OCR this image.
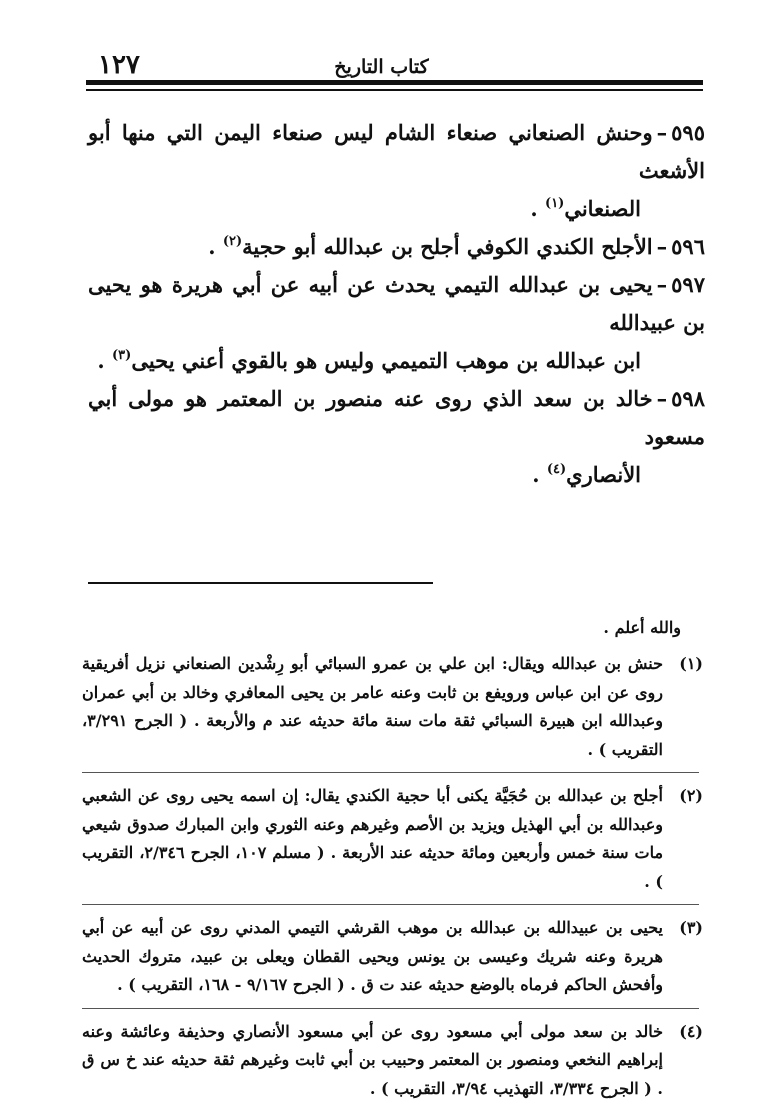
١٢٧	كتاب التاريخ
٥٩٥–وحنش الصنعاني صنعاء الشام ليس صنعاء اليمن التي منها أبو الأشعث
الصنعاني$^{(١)}$ .
٥٩٦–الأجلح الكندي الكوفي أجلح بن عبدالله أبو حجية$^{(٢)}$ .
٥٩٧–يحيى بن عبدالله التيمي يحدث عن أبيه عن أبي هريرة هو يحيى بن عبيدالله
ابن عبدالله بن موهب التميمي وليس هو بالقوي أعني يحيى$^{(٣)}$ .
٥٩٨–خالد بن سعد الذي روى عنه منصور بن المعتمر هو مولى أبي مسعود
الأنصاري$^{(٤)}$ .
والله أعلم .
(١)
حنش بن عبدالله ويقال: ابن علي بن عمرو السبائي أبو رِشْدين الصنعاني نزيل أفريقية روى عن ابن عباس ورويفع بن ثابت وعنه عامر بن يحيى المعافري وخالد بن أبي عمران وعبدالله ابن هبيرة السبائي ثقة مات سنة مائة حديثه عند م والأربعة . ( الجرح ٣/٢٩١، التقريب ) .
(٢)
أجلح بن عبدالله بن حُجَيَّة يكنى أبا حجية الكندي يقال: إن اسمه يحيى روى عن الشعبي وعبدالله بن أبي الهذيل ويزيد بن الأصم وغيرهم وعنه الثوري وابن المبارك صدوق شيعي مات سنة خمس وأربعين ومائة حديثه عند الأربعة . ( مسلم ١٠٧، الجرح ٢/٣٤٦، التقريب ) .
(٣)
يحيى بن عبيدالله بن عبدالله بن موهب القرشي التيمي المدني روى عن أبيه عن أبي هريرة وعنه شريك وعيسى بن يونس ويحيى القطان ويعلى بن عبيد، متروك الحديث وأفحش الحاكم فرماه بالوضع حديثه عند ت ق . ( الجرح ٩/١٦٧ - ١٦٨، التقريب ) .
(٤)
خالد بن سعد مولى أبي مسعود روى عن أبي مسعود الأنصاري وحذيفة وعائشة وعنه إبراهيم النخعي ومنصور بن المعتمر وحبيب بن أبي ثابت وغيرهم ثقة حديثه عند خ س ق . ( الجرح ٣/٣٣٤، التهذيب ٣/٩٤، التقريب ) .
